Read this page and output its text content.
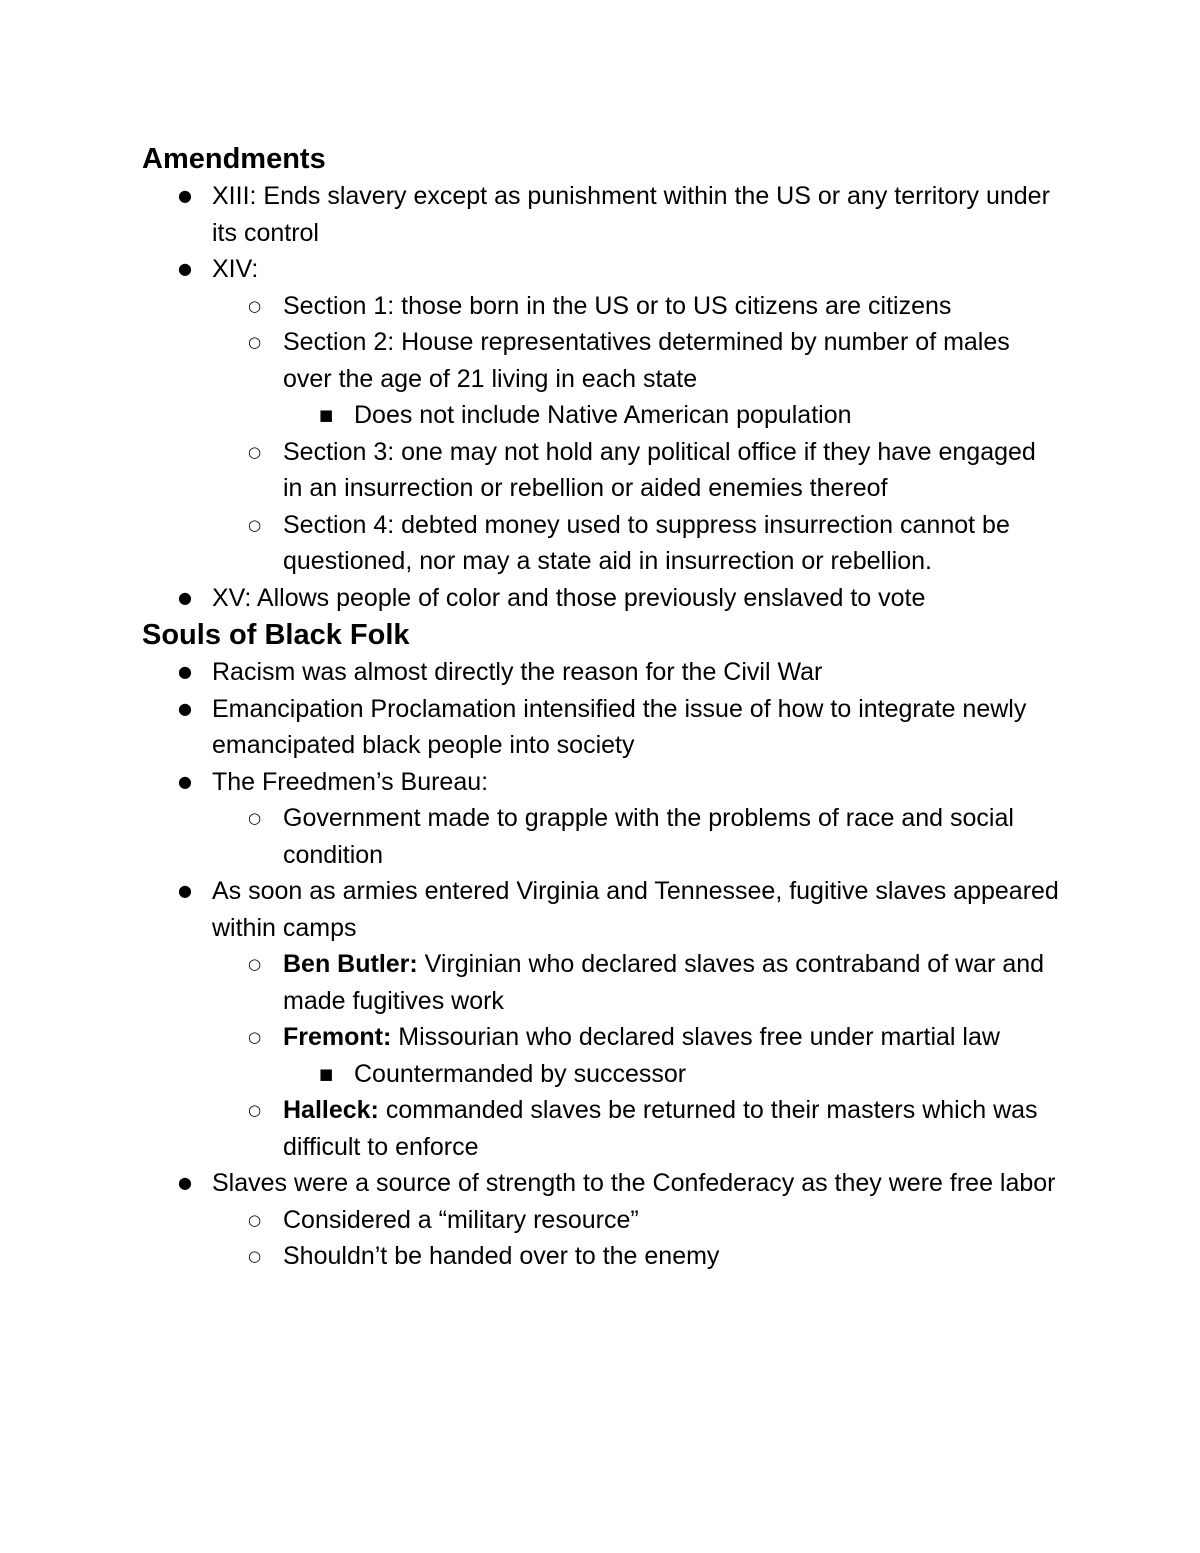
Amendments
● XIII: Ends slavery except as punishment within the US or any territory under its control
● XIV:
○ Section 1: those born in the US or to US citizens are citizens
○ Section 2: House representatives determined by number of males over the age of 21 living in each state
■ Does not include Native American population
○ Section 3: one may not hold any political office if they have engaged in an insurrection or rebellion or aided enemies thereof
○ Section 4: debted money used to suppress insurrection cannot be questioned, nor may a state aid in insurrection or rebellion.
● XV: Allows people of color and those previously enslaved to vote
Souls of Black Folk
● Racism was almost directly the reason for the Civil War
● Emancipation Proclamation intensified the issue of how to integrate newly emancipated black people into society
● The Freedmen’s Bureau:
○ Government made to grapple with the problems of race and social condition
● As soon as armies entered Virginia and Tennessee, fugitive slaves appeared within camps
○ Ben Butler: Virginian who declared slaves as contraband of war and made fugitives work
○ Fremont: Missourian who declared slaves free under martial law
■ Countermanded by successor
○ Halleck: commanded slaves be returned to their masters which was difficult to enforce
● Slaves were a source of strength to the Confederacy as they were free labor
○ Considered a “military resource”
○ Shouldn’t be handed over to the enemy
